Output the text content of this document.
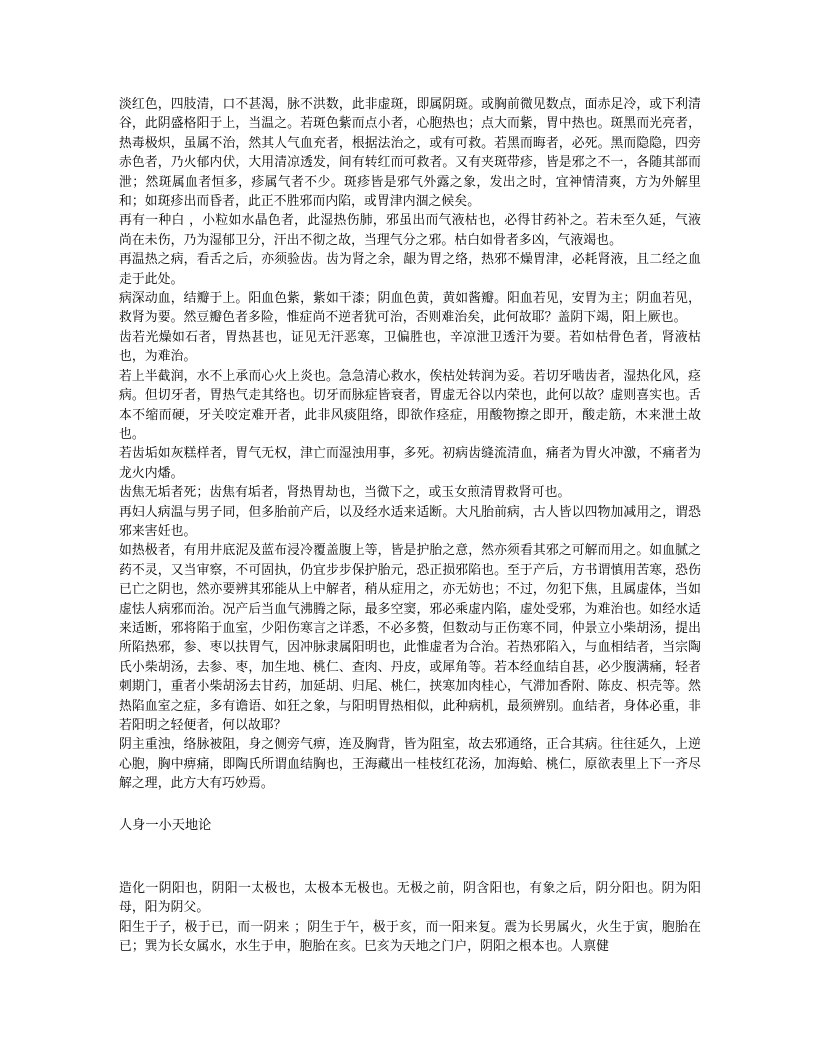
淡红色，四肢清，口不甚渴，脉不洪数，此非虚斑，即属阴斑。或胸前微见数点，面赤足冷，或下利清谷，此阴盛格阳于上，当温之。若斑色紫而点小者，心胞热也；点大而紫，胃中热也。斑黑而光亮者，热毒极炽，虽属不治，然其人气血充者，根据法治之，或有可救。若黑而晦者，必死。黑而隐隐，四旁赤色者，乃火郁内伏，大用清凉透发，间有转红而可救者。又有夹斑带疹，皆是邪之不一，各随其部而泄；然斑属血者恒多，疹属气者不少。斑疹皆是邪气外露之象，发出之时，宜神情清爽，方为外解里和；如斑疹出而昏者，此正不胜邪而内陷，或胃津内涸之候矣。

再有一种白 ，小粒如水晶色者，此湿热伤肺，邪虽出而气液枯也，必得甘药补之。若未至久延，气液尚在未伤，乃为湿郁卫分，汗出不彻之故，当理气分之邪。枯白如骨者多凶，气液竭也。

再温热之病，看舌之后，亦须验齿。齿为肾之余，龈为胃之络，热邪不燥胃津，必耗肾液，且二经之血走于此处。

病深动血，结瓣于上。阳血色紫，紫如干漆；阴血色黄，黄如酱瓣。阳血若见，安胃为主；阴血若见，救肾为要。然豆瓣色者多险，惟症尚不逆者犹可治，否则难治矣，此何故耶？盖阴下竭，阳上厥也。

齿若光燥如石者，胃热甚也，证见无汗恶寒，卫偏胜也，辛凉泄卫透汗为要。若如枯骨色者，肾液枯也，为难治。

若上半截润，水不上承而心火上炎也。急急清心救水，俟枯处转润为妥。若切牙啮齿者，湿热化风，痉病。但切牙者，胃热气走其络也。切牙而脉症皆衰者，胃虚无谷以内荣也，此何以故？虚则喜实也。舌本不缩而硬，牙关咬定难开者，此非风痰阻络，即欲作痉症，用酸物擦之即开，酸走筋，木来泄土故也。

若齿垢如灰糕样者，胃气无权，津亡而湿浊用事，多死。初病齿缝流清血，痛者为胃火冲激，不痛者为龙火内燔。

齿焦无垢者死；齿焦有垢者，肾热胃劫也，当微下之，或玉女煎清胃救肾可也。

再妇人病温与男子同，但多胎前产后，以及经水适来适断。大凡胎前病，古人皆以四物加减用之，谓恐邪来害妊也。

如热极者，有用井底泥及蓝布浸冷覆盖腹上等，皆是护胎之意，然亦须看其邪之可解而用之。如血腻之药不灵，又当审察，不可固执，仍宜步步保护胎元，恐正损邪陷也。至于产后，方书谓慎用苦寒，恐伤已亡之阴也，然亦要辨其邪能从上中解者，稍从症用之，亦无妨也；不过，勿犯下焦，且属虚体，当如虚怯人病邪而治。况产后当血气沸腾之际，最多空窦，邪必乘虚内陷，虚处受邪，为难治也。如经水适来适断，邪将陷于血室，少阳伤寒言之详悉，不必多赘，但数动与正伤寒不同，仲景立小柴胡汤，提出所陷热邪，参、枣以扶胃气，因冲脉隶属阳明也，此惟虚者为合治。若热邪陷入，与血相结者，当宗陶氏小柴胡汤，去参、枣，加生地、桃仁、查肉、丹皮，或犀角等。若本经血结自甚，必少腹满痛，轻者刺期门，重者小柴胡汤去甘药，加延胡、归尾、桃仁，挟寒加肉桂心，气滞加香附、陈皮、枳壳等。然热陷血室之症，多有谵语、如狂之象，与阳明胃热相似，此种病机，最须辨别。血结者，身体必重，非若阳明之轻便者，何以故耶？

阴主重浊，络脉被阻，身之侧旁气痹，连及胸背，皆为阻室，故去邪通络，正合其病。往往延久，上逆心胞，胸中痹痛，即陶氏所谓血结胸也，王海藏出一桂枝红花汤，加海蛤、桃仁，原欲表里上下一齐尽解之理，此方大有巧妙焉。

人身一小天地论

造化一阴阳也，阴阳一太极也，太极本无极也。无极之前，阴含阳也，有象之后，阴分阳也。阴为阳母，阳为阴父。

阳生于子，极于已，而一阴来 ；阴生于午，极于亥，而一阳来复。震为长男属火，火生于寅，胞胎在已；巽为长女属水，水生于申，胞胎在亥。巳亥为天地之门户，阴阳之根本也。人禀健
